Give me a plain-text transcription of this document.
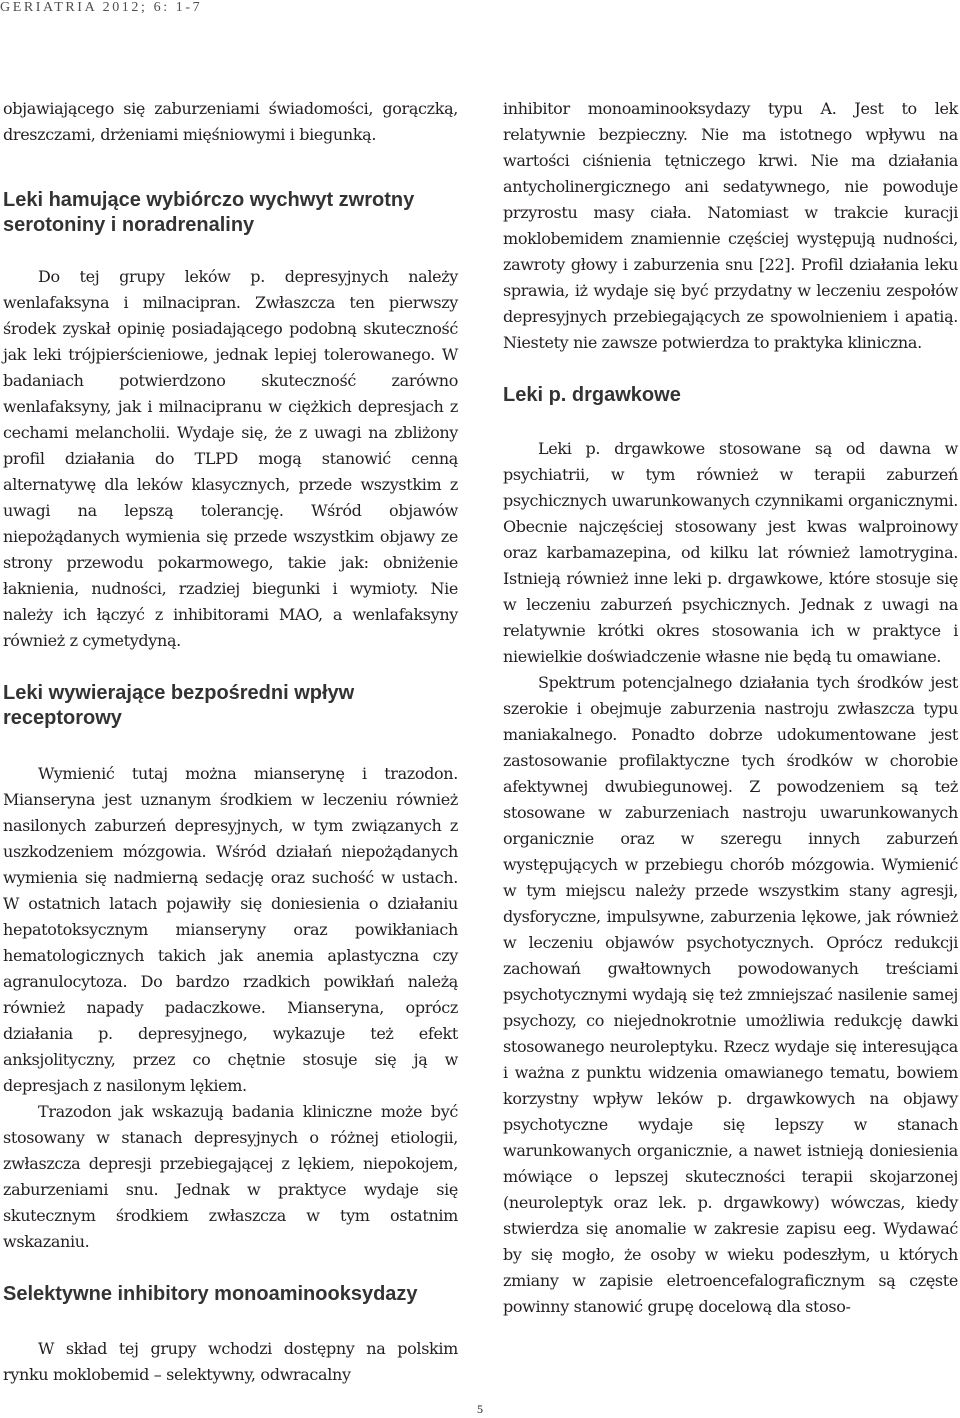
GERIATRIA 2012; 6: 1-7

objawiającego się zaburzeniami świadomości, gorączką, dreszczami, drżeniami mięśniowymi i biegunką.

Leki hamujące wybiórczo wychwyt zwrotny serotoniny i noradrenaliny

Do tej grupy leków p. depresyjnych należy wenlafaksyna i milnacipran. Zwłaszcza ten pierwszy środek zyskał opinię posiadającego podobną skuteczność jak leki trójpierścieniowe, jednak lepiej tolerowanego. W badaniach potwierdzono skuteczność zarówno wenlafaksyny, jak i milnacipranu w ciężkich depresjach z cechami melancholii. Wydaje się, że z uwagi na zbliżony profil działania do TLPD mogą stanowić cenną alternatywę dla leków klasycznych, przede wszystkim z uwagi na lepszą tolerancję. Wśród objawów niepożądanych wymienia się przede wszystkim objawy ze strony przewodu pokarmowego, takie jak: obniżenie łaknienia, nudności, rzadziej biegunki i wymioty. Nie należy ich łączyć z inhibitorami MAO, a wenlafaksyny również z cymetydyną.

Leki wywierające bezpośredni wpływ receptorowy

Wymienić tutaj można mianserynę i trazodon. Mianseryna jest uznanym środkiem w leczeniu również nasilonych zaburzeń depresyjnych, w tym związanych z uszkodzeniem mózgowia. Wśród działań niepożądanych wymienia się nadmierną sedację oraz suchość w ustach. W ostatnich latach pojawiły się doniesienia o działaniu hepatotoksycznym mianseryny oraz powikłaniach hematologicznych takich jak anemia aplastyczna czy agranulocytoza. Do bardzo rzadkich powikłań należą również napady padaczkowe. Mianseryna, oprócz działania p. depresyjnego, wykazuje też efekt anksjolityczny, przez co chętnie stosuje się ją w depresjach z nasilonym lękiem.

Trazodon jak wskazują badania kliniczne może być stosowany w stanach depresyjnych o różnej etiologii, zwłaszcza depresji przebiegającej z lękiem, niepokojem, zaburzeniami snu. Jednak w praktyce wydaje się skutecznym środkiem zwłaszcza w tym ostatnim wskazaniu.

Selektywne inhibitory monoaminooksydazy

W skład tej grupy wchodzi dostępny na polskim rynku moklobemid – selektywny, odwracalny

inhibitor monoaminooksydazy typu A. Jest to lek relatywnie bezpieczny. Nie ma istotnego wpływu na wartości ciśnienia tętniczego krwi. Nie ma działania antycholinergicznego ani sedatywnego, nie powoduje przyrostu masy ciała. Natomiast w trakcie kuracji moklobemidem znamiennie częściej występują nudności, zawroty głowy i zaburzenia snu [22]. Profil działania leku sprawia, iż wydaje się być przydatny w leczeniu zespołów depresyjnych przebiegających ze spowolnieniem i apatią. Niestety nie zawsze potwierdza to praktyka kliniczna.

Leki p. drgawkowe

Leki p. drgawkowe stosowane są od dawna w psychiatrii, w tym również w terapii zaburzeń psychicznych uwarunkowanych czynnikami organicznymi. Obecnie najczęściej stosowany jest kwas walproinowy oraz karbamazepina, od kilku lat również lamotrygina. Istnieją również inne leki p. drgawkowe, które stosuje się w leczeniu zaburzeń psychicznych. Jednak z uwagi na relatywnie krótki okres stosowania ich w praktyce i niewielkie doświadczenie własne nie będą tu omawiane.

Spektrum potencjalnego działania tych środków jest szerokie i obejmuje zaburzenia nastroju zwłaszcza typu maniakalnego. Ponadto dobrze udokumentowane jest zastosowanie profilaktyczne tych środków w chorobie afektywnej dwubiegunowej. Z powodzeniem są też stosowane w zaburzeniach nastroju uwarunkowanych organicznie oraz w szeregu innych zaburzeń występujących w przebiegu chorób mózgowia. Wymienić w tym miejscu należy przede wszystkim stany agresji, dysforyczne, impulsywne, zaburzenia lękowe, jak również w leczeniu objawów psychotycznych. Oprócz redukcji zachowań gwałtownych powodowanych treściami psychotycznymi wydają się też zmniejszać nasilenie samej psychozy, co niejednokrotnie umożliwia redukcję dawki stosowanego neuroleptyku. Rzecz wydaje się interesująca i ważna z punktu widzenia omawianego tematu, bowiem korzystny wpływ leków p. drgawkowych na objawy psychotyczne wydaje się lepszy w stanach warunkowanych organicznie, a nawet istnieją doniesienia mówiące o lepszej skuteczności terapii skojarzonej (neuroleptyk oraz lek. p. drgawkowy) wówczas, kiedy stwierdza się anomalie w zakresie zapisu eeg. Wydawać by się mogło, że osoby w wieku podeszłym, u których zmiany w zapisie eletroencefalograficznym są częste powinny stanowić grupę docelową dla stoso-

5
